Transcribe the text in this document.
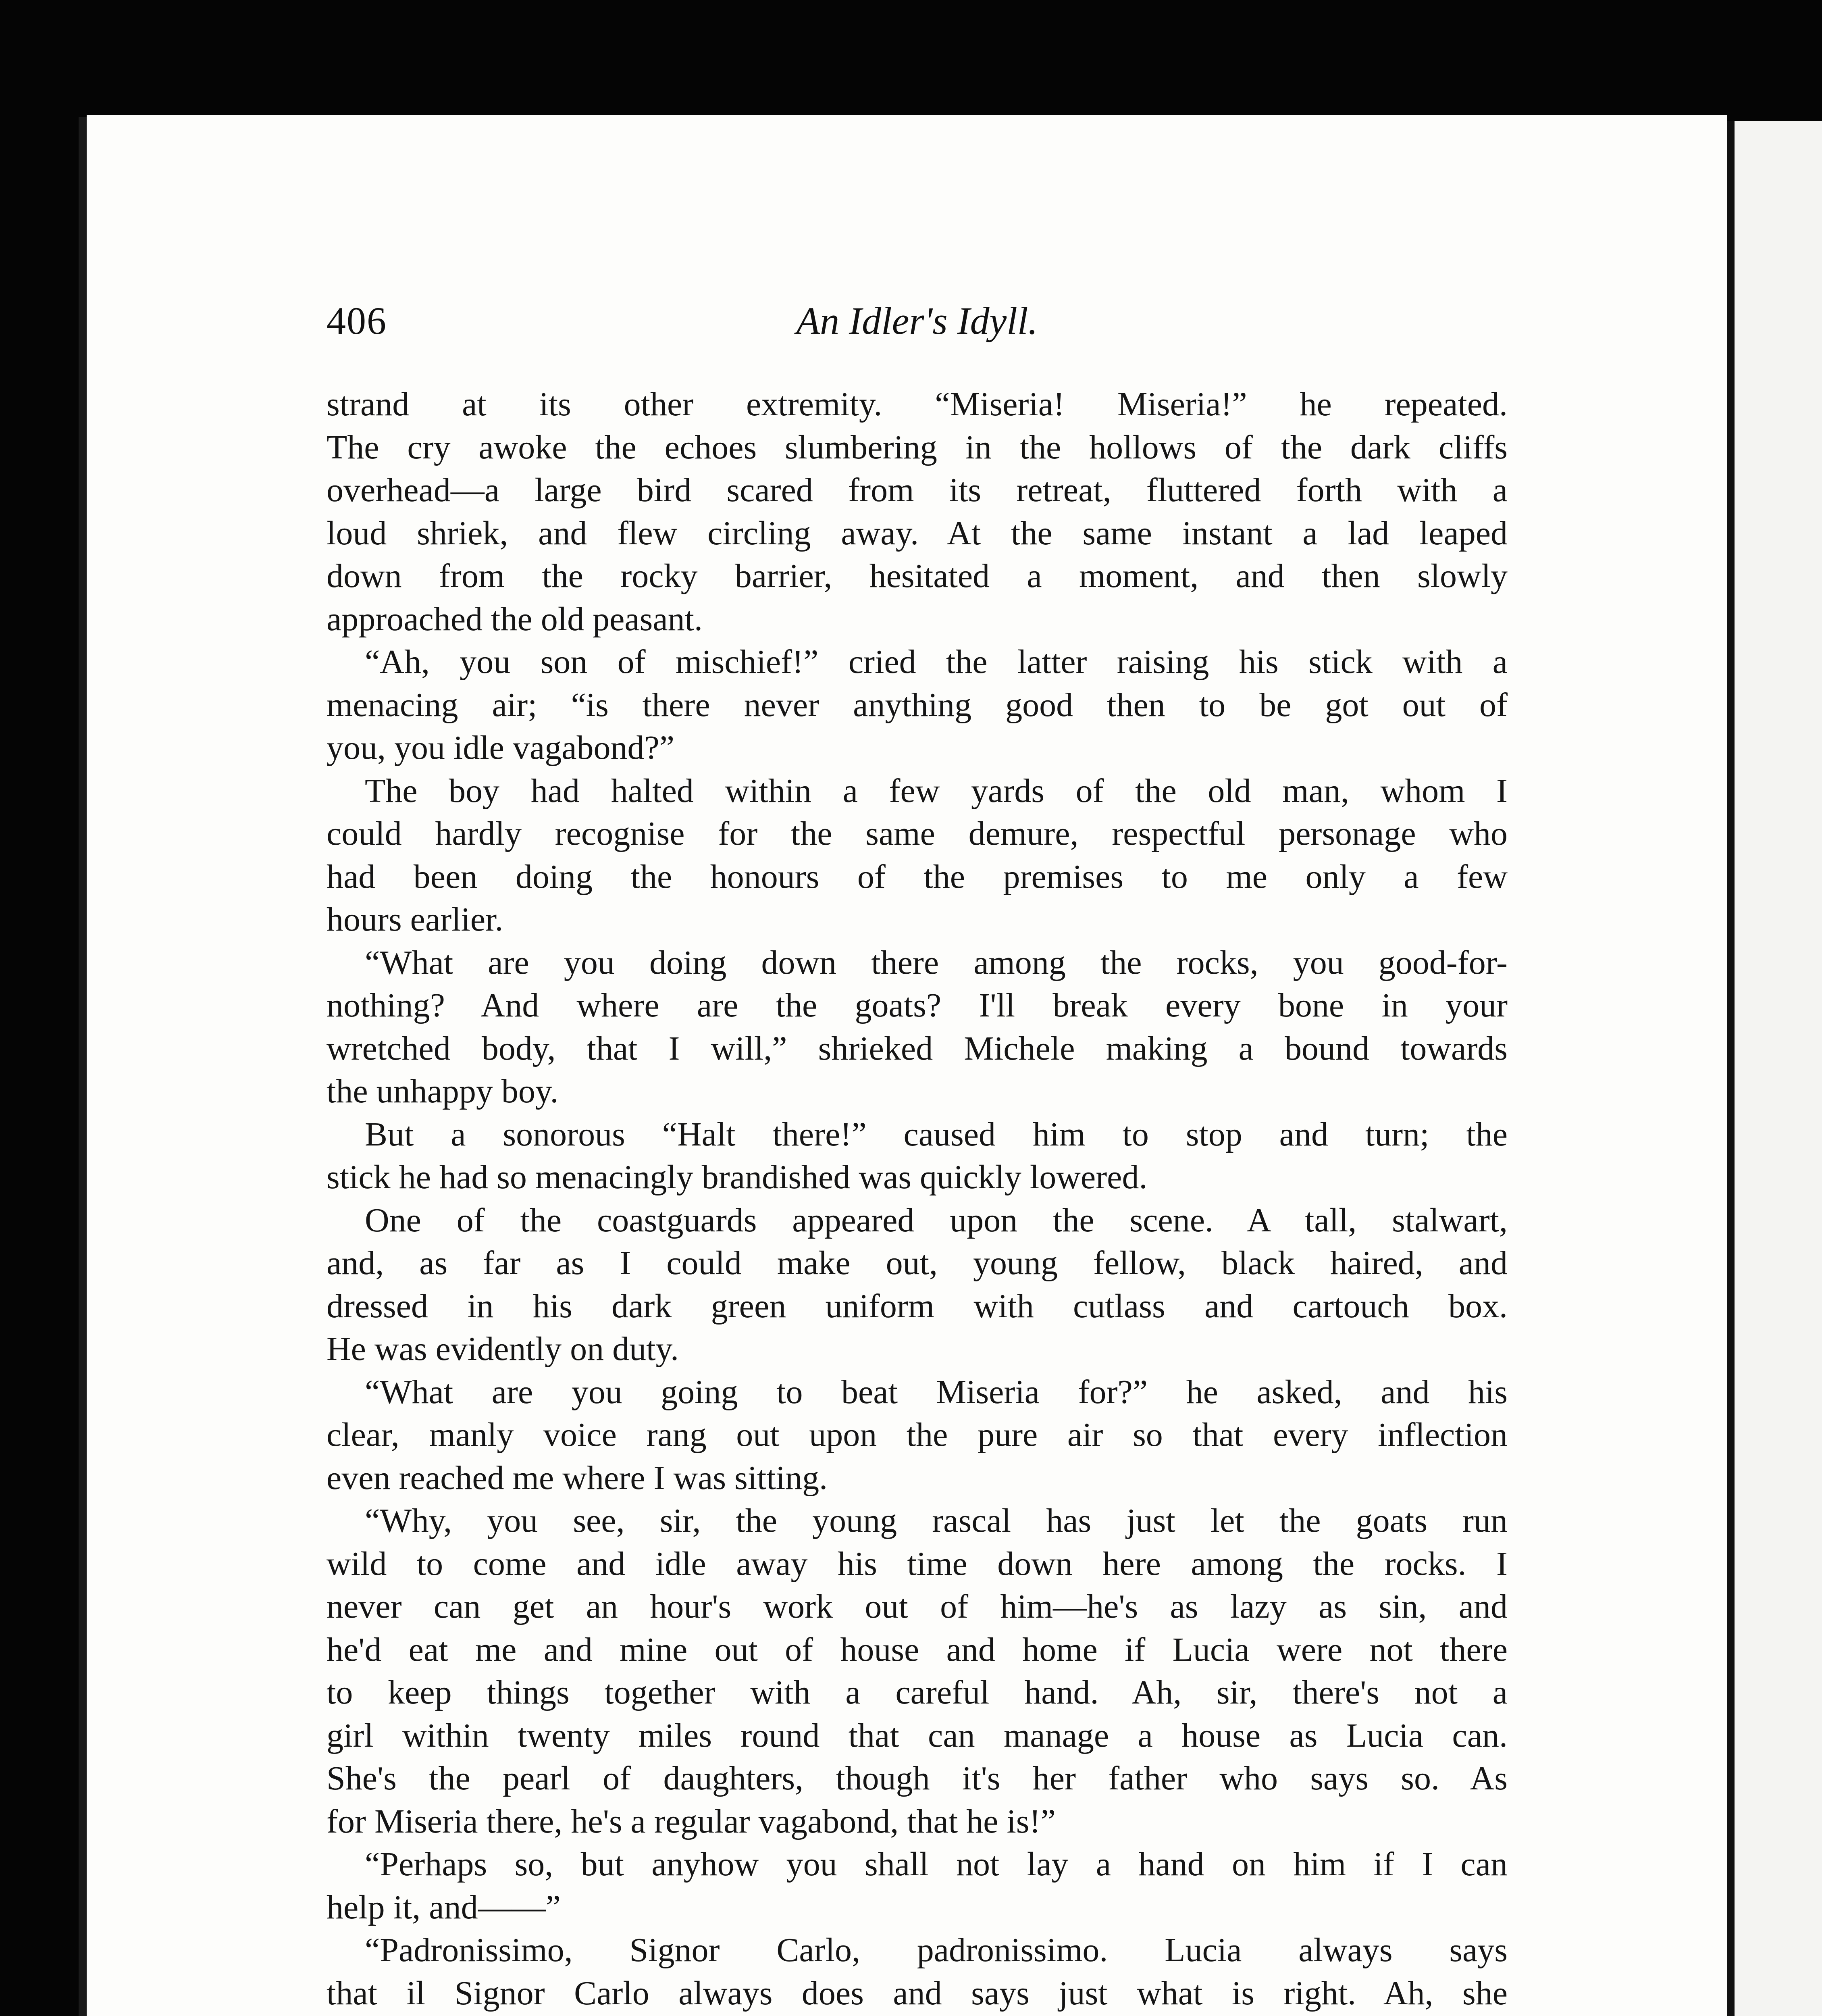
406	An Idler's Idyll.
strand at its other extremity. “Miseria! Miseria!” he repeated.
The cry awoke the echoes slumbering in the hollows of the dark cliffs
overhead—a large bird scared from its retreat, fluttered forth with a
loud shriek, and flew circling away. At the same instant a lad leaped
down from the rocky barrier, hesitated a moment, and then slowly
approached the old peasant.
“Ah, you son of mischief!” cried the latter raising his stick with a
menacing air; “is there never anything good then to be got out of
you, you idle vagabond?”
The boy had halted within a few yards of the old man, whom I
could hardly recognise for the same demure, respectful personage who
had been doing the honours of the premises to me only a few
hours earlier.
“What are you doing down there among the rocks, you good-for-
nothing? And where are the goats? I'll break every bone in your
wretched body, that I will,” shrieked Michele making a bound towards
the unhappy boy.
But a sonorous “Halt there!” caused him to stop and turn; the
stick he had so menacingly brandished was quickly lowered.
One of the coastguards appeared upon the scene. A tall, stalwart,
and, as far as I could make out, young fellow, black haired, and
dressed in his dark green uniform with cutlass and cartouch box.
He was evidently on duty.
“What are you going to beat Miseria for?” he asked, and his
clear, manly voice rang out upon the pure air so that every inflection
even reached me where I was sitting.
“Why, you see, sir, the young rascal has just let the goats run
wild to come and idle away his time down here among the rocks. I
never can get an hour's work out of him—he's as lazy as sin, and
he'd eat me and mine out of house and home if Lucia were not there
to keep things together with a careful hand. Ah, sir, there's not a
girl within twenty miles round that can manage a house as Lucia can.
She's the pearl of daughters, though it's her father who says so. As
for Miseria there, he's a regular vagabond, that he is!”
“Perhaps so, but anyhow you shall not lay a hand on him if I can
help it, and——”
“Padronissimo, Signor Carlo, padronissimo. Lucia always says
that il Signor Carlo always does and says just what is right. Ah, she
